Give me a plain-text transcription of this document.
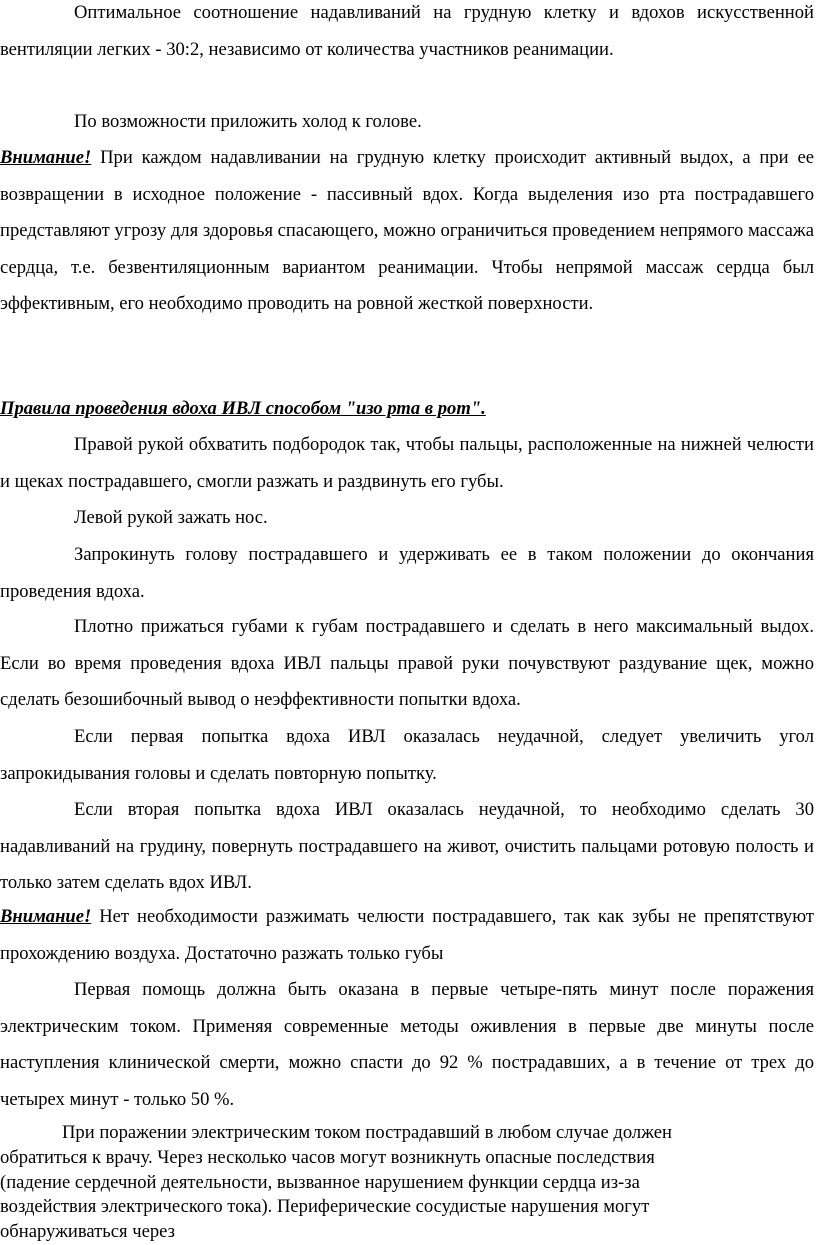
Оптимальное соотношение надавливаний на грудную клетку и вдохов искусственной вентиляции легких - 30:2, независимо от количества участников реанимации.

По возможности приложить холод к голове.

Внимание! При каждом надавливании на грудную клетку происходит активный выдох, а при ее возвращении в исходное положение - пассивный вдох. Когда выделения изо рта пострадавшего представляют угрозу для здоровья спасающего, можно ограничиться проведением непрямого массажа сердца, т.е. безвентиляционным вариантом реанимации. Чтобы непрямой массаж сердца был эффективным, его необходимо проводить на ровной жесткой поверхности.

Правила проведения вдоха ИВЛ способом "изо рта в рот".

Правой рукой обхватить подбородок так, чтобы пальцы, расположенные на нижней челюсти и щеках пострадавшего, смогли разжать и раздвинуть его губы.

Левой рукой зажать нос.

Запрокинуть голову пострадавшего и удерживать ее в таком положении до окончания проведения вдоха.

Плотно прижаться губами к губам пострадавшего и сделать в него максимальный выдох. Если во время проведения вдоха ИВЛ пальцы правой руки почувствуют раздувание щек, можно сделать безошибочный вывод о неэффективности попытки вдоха.

Если первая попытка вдоха ИВЛ оказалась неудачной, следует увеличить угол запрокидывания головы и сделать повторную попытку.

Если вторая попытка вдоха ИВЛ оказалась неудачной, то необходимо сделать 30 надавливаний на грудину, повернуть пострадавшего на живот, очистить пальцами ротовую полость и только затем сделать вдох ИВЛ.

Внимание! Нет необходимости разжимать челюсти пострадавшего, так как зубы не препятствуют прохождению воздуха. Достаточно разжать только губы

Первая помощь должна быть оказана в первые четыре-пять минут после поражения электрическим током. Применяя современные методы оживления в первые две минуты после наступления клинической смерти, можно спасти до 92 % пострадавших, а в течение от трех до четырех минут - только 50 %.

При поражении электрическим током пострадавший в любом случае должен
обратиться к врачу. Через несколько часов могут возникнуть опасные последствия
(падение сердечной деятельности, вызванное нарушением функции сердца из-за
воздействия электрического тока). Периферические сосудистые нарушения могут
обнаруживаться через
